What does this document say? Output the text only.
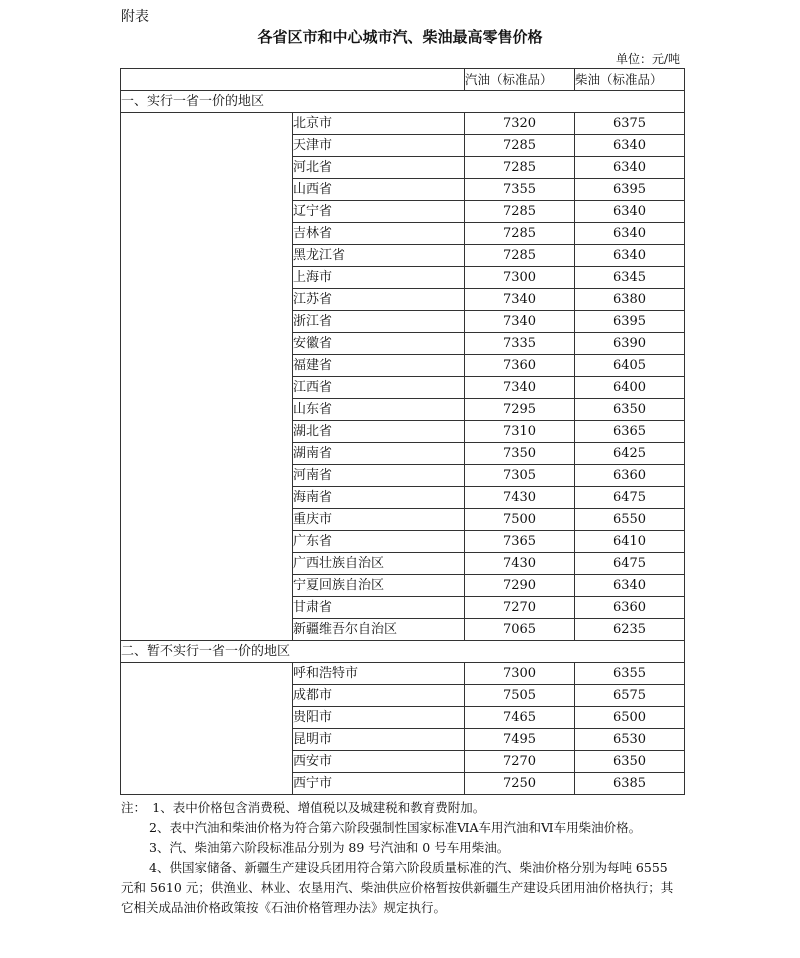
附表
各省区市和中心城市汽、柴油最高零售价格
单位：元/吨
		汽油（标准品）	柴油（标准品）
一、实行一省一价的地区			
	北京市	7320	6375
	天津市	7285	6340
	河北省	7285	6340
	山西省	7355	6395
	辽宁省	7285	6340
	吉林省	7285	6340
	黑龙江省	7285	6340
	上海市	7300	6345
	江苏省	7340	6380
	浙江省	7340	6395
	安徽省	7335	6390
	福建省	7360	6405
	江西省	7340	6400
	山东省	7295	6350
	湖北省	7310	6365
	湖南省	7350	6425
	河南省	7305	6360
	海南省	7430	6475
	重庆市	7500	6550
	广东省	7365	6410
	广西壮族自治区	7430	6475
	宁夏回族自治区	7290	6340
	甘肃省	7270	6360
	新疆维吾尔自治区	7065	6235
二、暂不实行一省一价的地区			
	呼和浩特市	7300	6355
	成都市	7505	6575
	贵阳市	7465	6500
	昆明市	7495	6530
	西安市	7270	6350
	西宁市	7250	6385

注：　1、表中价格包含消费税、增值税以及城建税和教育费附加。

2、表中汽油和柴油价格为符合第六阶段强制性国家标准ⅥA车用汽油和Ⅵ车用柴油价格。

3、汽、柴油第六阶段标准品分别为 89 号汽油和 0 号车用柴油。

4、供国家储备、新疆生产建设兵团用符合第六阶段质量标准的汽、柴油价格分别为每吨 6555 元和 5610 元；供渔业、林业、农垦用汽、柴油供应价格暂按供新疆生产建设兵团用油价格执行；其它相关成品油价格政策按《石油价格管理办法》规定执行。
